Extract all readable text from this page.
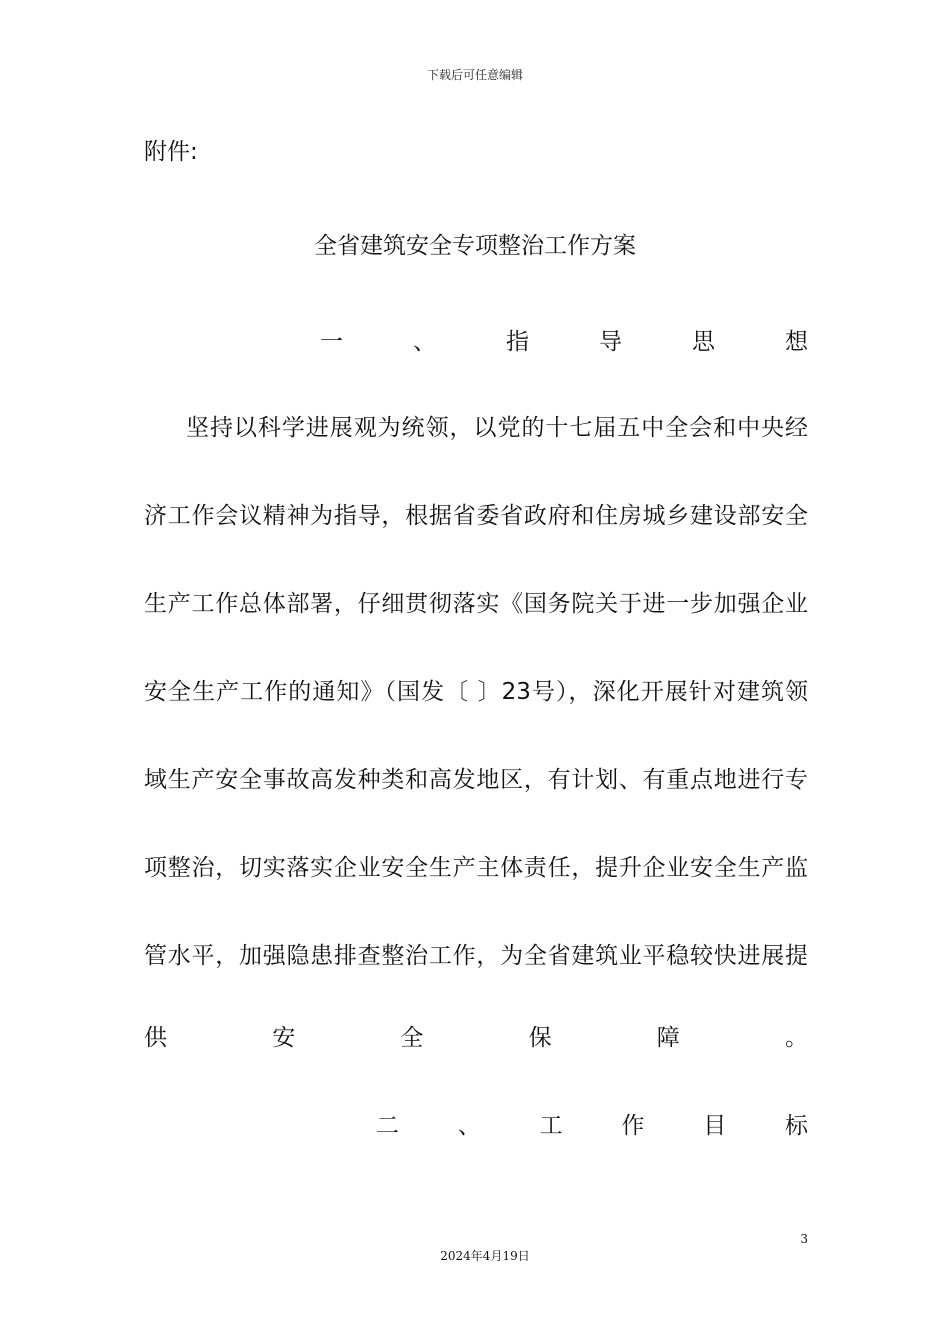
下载后可任意编辑
附件:
全省建筑安全专项整治工作方案
一	、	指	导	思	想
坚持以科学进展观为统领，以党的十七届五中全会和中央经
济工作会议精神为指导，根据省委省政府和住房城乡建设部安全
生产工作总体部署，仔细贯彻落实《国务院关于进一步加强企业
安全生产工作的通知》（国发〔 〕23号），深化开展针对建筑领
域生产安全事故高发种类和高发地区，有计划、有重点地进行专
项整治，切实落实企业安全生产主体责任，提升企业安全生产监
管水平，加强隐患排查整治工作，为全省建筑业平稳较快进展提
供	安	全	保	障	。
二	、	工	作	目	标
3
2024年4月19日
